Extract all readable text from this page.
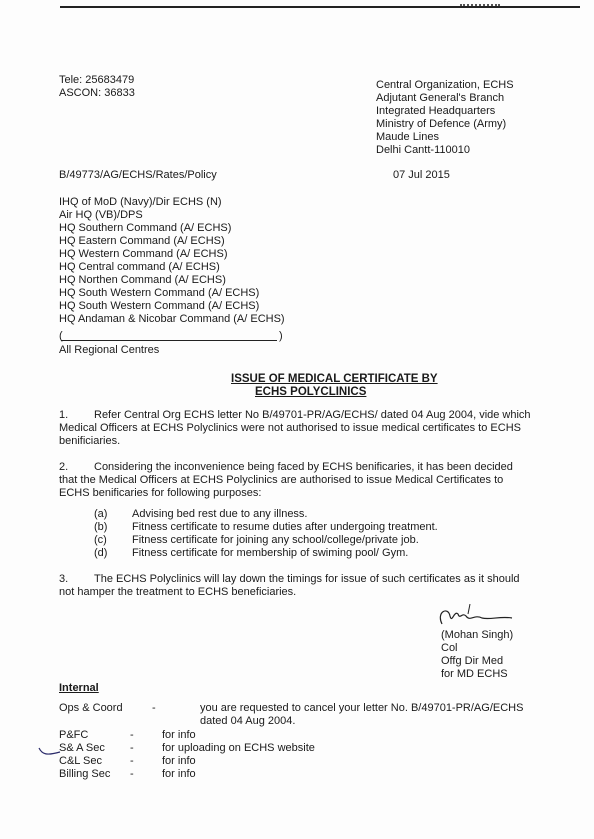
Tele: 25683479
ASCON: 36833
Central Organization, ECHS
Adjutant General's Branch
Integrated Headquarters
Ministry of Defence (Army)
Maude Lines
Delhi Cantt-110010
B/49773/AG/ECHS/Rates/Policy	07 Jul 2015
IHQ of MoD (Navy)/Dir ECHS (N)
Air HQ (VB)/DPS
HQ Southern Command (A/ ECHS)
HQ Eastern Command (A/ ECHS)
HQ Western Command (A/ ECHS)
HQ Central command (A/ ECHS)
HQ Northen Command (A/ ECHS)
HQ South Western Command (A/ ECHS)
HQ South Western Command (A/ ECHS)
HQ Andaman & Nicobar Command (A/ ECHS)
(	)
All Regional Centres
ISSUE OF MEDICAL CERTIFICATE BY
ECHS POLYCLINICS
1. Refer Central Org ECHS letter No B/49701-PR/AG/ECHS/ dated 04 Aug 2004, vide which
Medical Officers at ECHS Polyclinics were not authorised to issue medical certificates to ECHS
benificiaries.
2. Considering the inconvenience being faced by ECHS benificaries, it has been decided
that the Medical Officers at ECHS Polyclinics are authorised to issue Medical Certificates to
ECHS benificaries for following purposes:
(a) Advising bed rest due to any illness.
(b) Fitness certificate to resume duties after undergoing treatment.
(c) Fitness certificate for joining any school/college/private job.
(d) Fitness certificate for membership of swiming pool/ Gym.
3. The ECHS Polyclinics will lay down the timings for issue of such certificates as it should
not hamper the treatment to ECHS beneficiaries.
(Mohan Singh)
Col
Offg Dir Med
for MD ECHS
Internal
Ops & Coord	-	you are requested to cancel your letter No. B/49701-PR/AG/ECHS
dated 04 Aug 2004.
P&FC	-	for info
S& A Sec -	for uploading on ECHS website
C&L Sec	-	for info
Billing Sec -	for info
